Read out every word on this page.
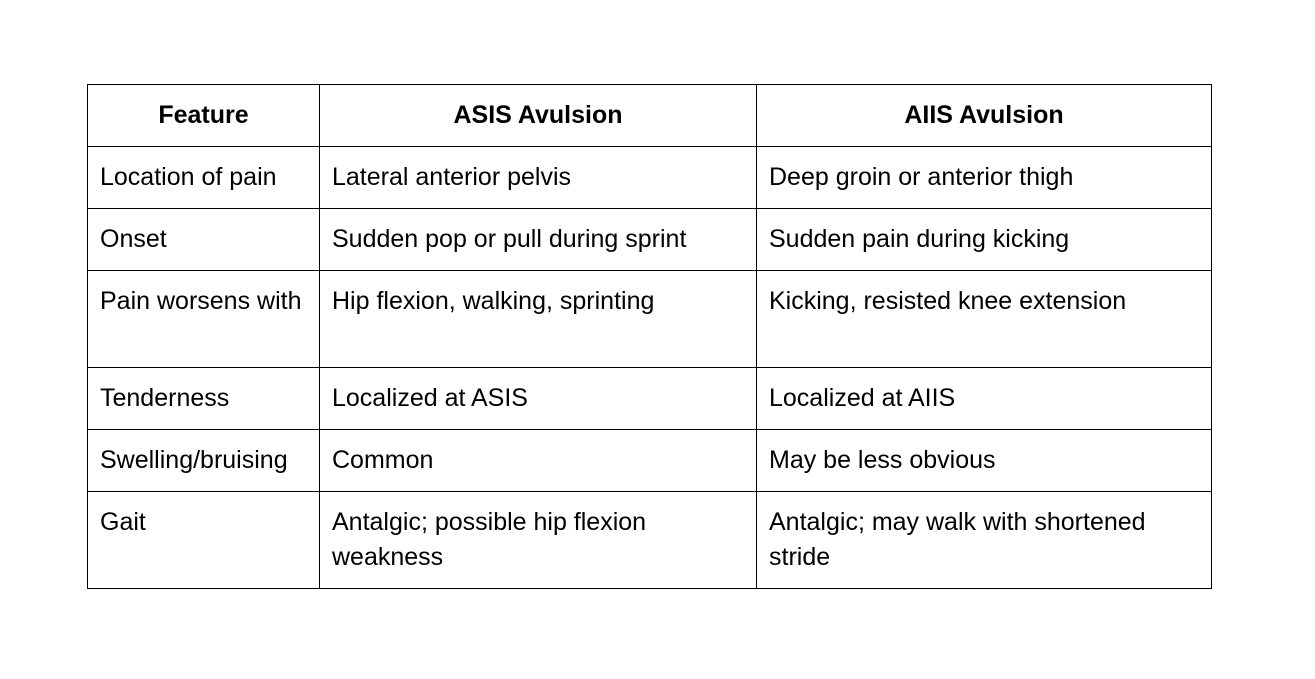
Feature	ASIS Avulsion	AIIS Avulsion
Location of pain	Lateral anterior pelvis	Deep groin or anterior thigh
Onset	Sudden pop or pull during sprint	Sudden pain during kicking
Pain worsens with	Hip flexion, walking, sprinting	Kicking, resisted knee extension
Tenderness	Localized at ASIS	Localized at AIIS
Swelling/bruising	Common	May be less obvious
Gait	Antalgic; possible hip flexion weakness	Antalgic; may walk with shortened stride
